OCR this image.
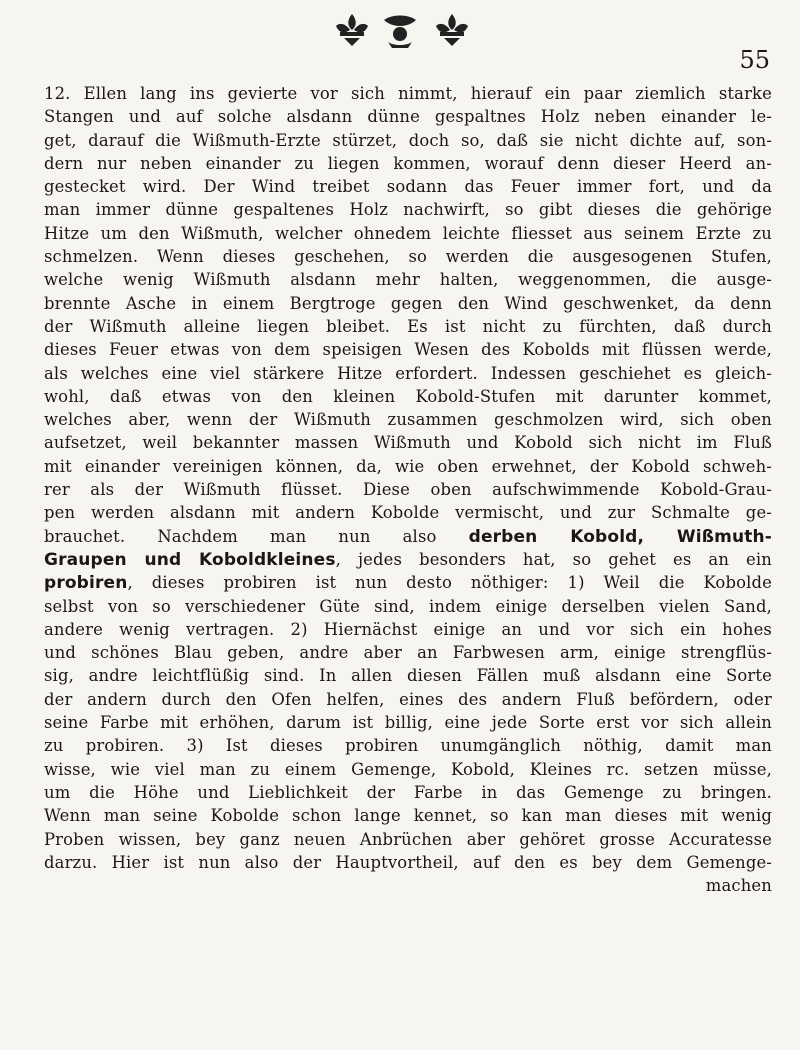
55
12. Ellen lang ins gevierte vor sich nimmt, hierauf ein paar ziemlich starke
Stangen und auf solche alsdann dünne gespaltnes Holz neben einander le-
get, darauf die Wißmuth-Erzte stürzet, doch so, daß sie nicht dichte auf, son-
dern nur neben einander zu liegen kommen, worauf denn dieser Heerd an-
gestecket wird. Der Wind treibet sodann das Feuer immer fort, und da
man immer dünne gespaltenes Holz nachwirft, so gibt dieses die gehörige
Hitze um den Wißmuth, welcher ohnedem leichte fliesset aus seinem Erzte zu
schmelzen. Wenn dieses geschehen, so werden die ausgesogenen Stufen,
welche wenig Wißmuth alsdann mehr halten, weggenommen, die ausge-
brennte Asche in einem Bergtroge gegen den Wind geschwenket, da denn
der Wißmuth alleine liegen bleibet. Es ist nicht zu fürchten, daß durch
dieses Feuer etwas von dem speisigen Wesen des Kobolds mit flüssen werde,
als welches eine viel stärkere Hitze erfordert. Indessen geschiehet es gleich-
wohl, daß etwas von den kleinen Kobold-Stufen mit darunter kommet,
welches aber, wenn der Wißmuth zusammen geschmolzen wird, sich oben
aufsetzet, weil bekannter massen Wißmuth und Kobold sich nicht im Fluß
mit einander vereinigen können, da, wie oben erwehnet, der Kobold schweh-
rer als der Wißmuth flüsset. Diese oben aufschwimmende Kobold-Grau-
pen werden alsdann mit andern Kobolde vermischt, und zur Schmalte ge-
brauchet. Nachdem man nun also derben Kobold, Wißmuth-
Graupen und Koboldkleines, jedes besonders hat, so gehet es an ein
probiren, dieses probiren ist nun desto nöthiger: 1) Weil die Kobolde
selbst von so verschiedener Güte sind, indem einige derselben vielen Sand,
andere wenig vertragen. 2) Hiernächst einige an und vor sich ein hohes
und schönes Blau geben, andre aber an Farbwesen arm, einige strengflüs-
sig, andre leichtflüßig sind. In allen diesen Fällen muß alsdann eine Sorte
der andern durch den Ofen helfen, eines des andern Fluß befördern, oder
seine Farbe mit erhöhen, darum ist billig, eine jede Sorte erst vor sich allein
zu probiren. 3) Ist dieses probiren unumgänglich nöthig, damit man
wisse, wie viel man zu einem Gemenge, Kobold, Kleines rc. setzen müsse,
um die Höhe und Lieblichkeit der Farbe in das Gemenge zu bringen.
Wenn man seine Kobolde schon lange kennet, so kan man dieses mit wenig
Proben wissen, bey ganz neuen Anbrüchen aber gehöret grosse Accuratesse
darzu. Hier ist nun also der Hauptvortheil, auf den es bey dem Gemenge-
machen
